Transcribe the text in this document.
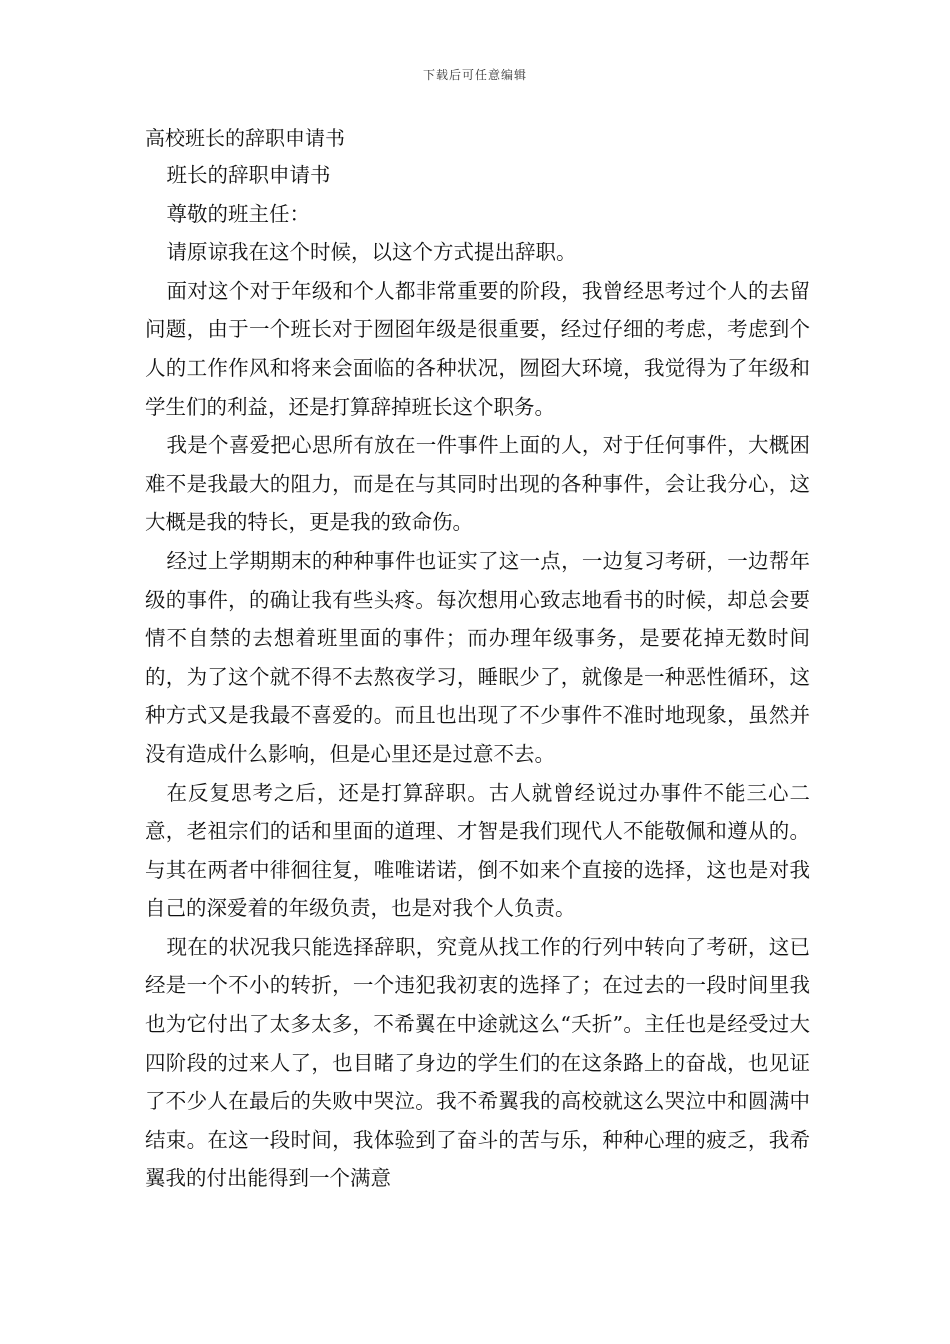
下载后可任意编辑
高校班长的辞职申请书

班长的辞职申请书

尊敬的班主任：

请原谅我在这个时候，以这个方式提出辞职。

面对这个对于年级和个人都非常重要的阶段，我曾经思考过个人的去留问题，由于一个班长对于囫囵年级是很重要，经过仔细的考虑，考虑到个人的工作作风和将来会面临的各种状况，囫囵大环境，我觉得为了年级和学生们的利益，还是打算辞掉班长这个职务。

我是个喜爱把心思所有放在一件事件上面的人，对于任何事件，大概困难不是我最大的阻力，而是在与其同时出现的各种事件，会让我分心，这大概是我的特长，更是我的致命伤。

经过上学期期末的种种事件也证实了这一点，一边复习考研，一边帮年级的事件，的确让我有些头疼。每次想用心致志地看书的时候，却总会要情不自禁的去想着班里面的事件；而办理年级事务，是要花掉无数时间的，为了这个就不得不去熬夜学习，睡眠少了，就像是一种恶性循环，这种方式又是我最不喜爱的。而且也出现了不少事件不准时地现象，虽然并没有造成什么影响，但是心里还是过意不去。

在反复思考之后，还是打算辞职。古人就曾经说过办事件不能三心二意，老祖宗们的话和里面的道理、才智是我们现代人不能敬佩和遵从的。与其在两者中徘徊往复，唯唯诺诺，倒不如来个直接的选择，这也是对我自己的深爱着的年级负责，也是对我个人负责。

现在的状况我只能选择辞职，究竟从找工作的行列中转向了考研，这已经是一个不小的转折，一个违犯我初衷的选择了；在过去的一段时间里我也为它付出了太多太多，不希翼在中途就这么“夭折”。主任也是经受过大四阶段的过来人了，也目睹了身边的学生们的在这条路上的奋战，也见证了不少人在最后的失败中哭泣。我不希翼我的高校就这么哭泣中和圆满中结束。在这一段时间，我体验到了奋斗的苦与乐，种种心理的疲乏，我希翼我的付出能得到一个满意
